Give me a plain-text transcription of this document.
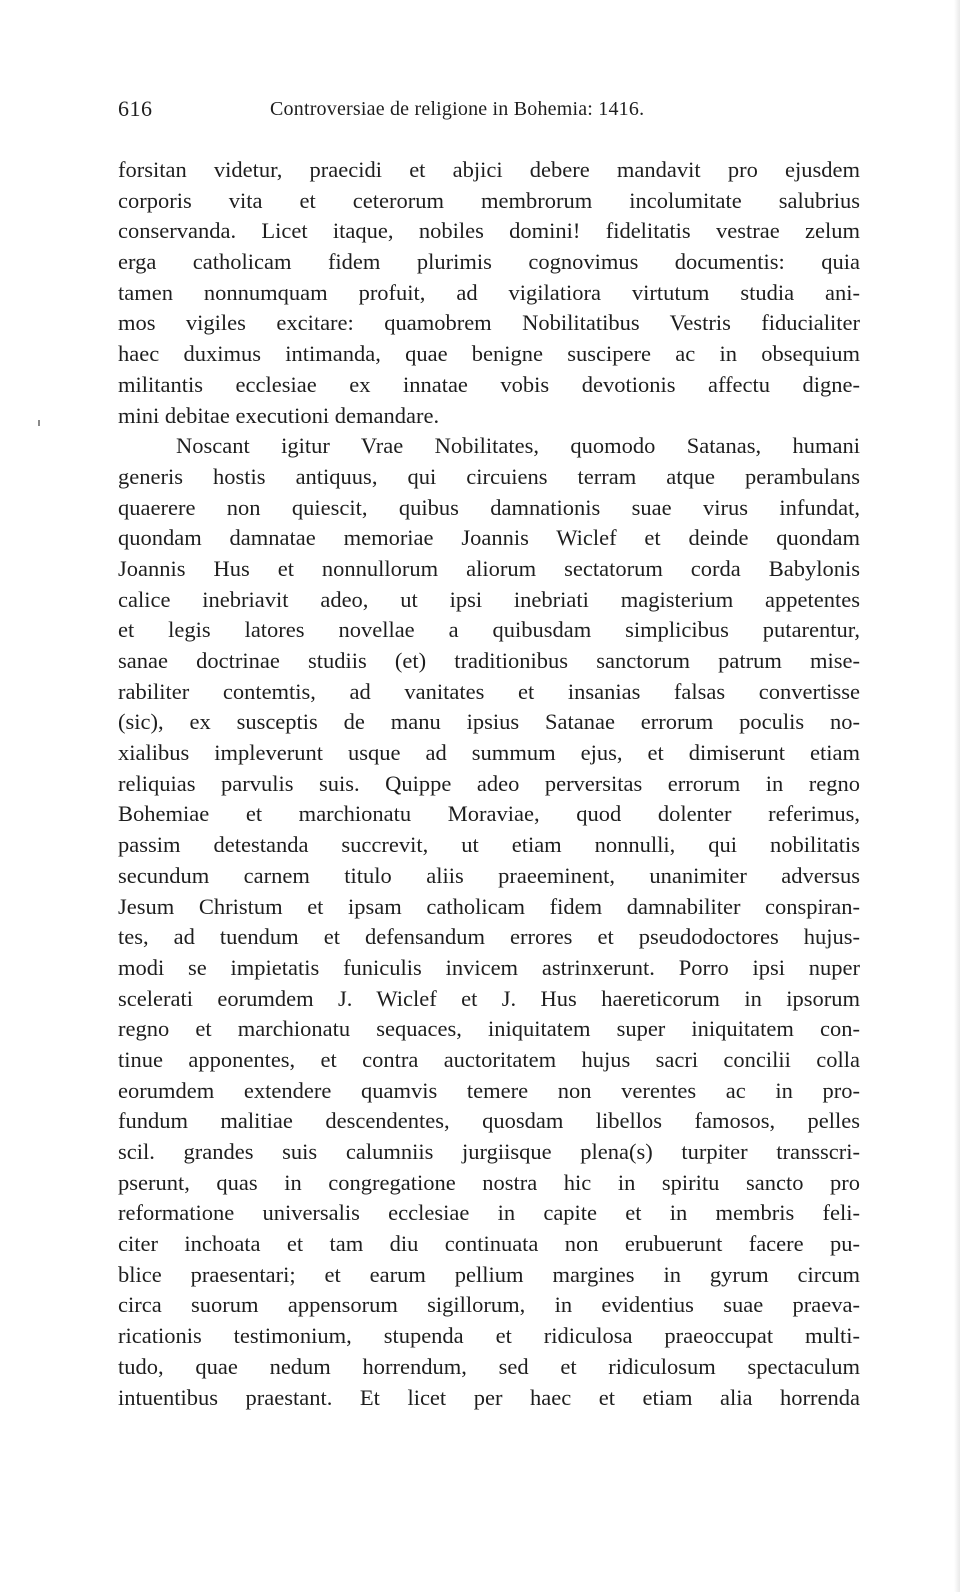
616	Controversiae de religione in Bohemia: 1416.
forsitan videtur, praecidi et abjici debere mandavit pro ejusdem
corporis vita et ceterorum membrorum incolumitate salubrius
conservanda. Licet itaque, nobiles domini! fidelitatis vestrae zelum
erga catholicam fidem plurimis cognovimus documentis: quia
tamen nonnumquam profuit, ad vigilatiora virtutum studia ani-
mos vigiles excitare: quamobrem Nobilitatibus Vestris fiducialiter
haec duximus intimanda, quae benigne suscipere ac in obsequium
militantis ecclesiae ex innatae vobis devotionis affectu digne-
mini debitae executioni demandare.
Noscant igitur Vrae Nobilitates, quomodo Satanas, humani
generis hostis antiquus, qui circuiens terram atque perambulans
quaerere non quiescit, quibus damnationis suae virus infundat,
quondam damnatae memoriae Joannis Wiclef et deinde quondam
Joannis Hus et nonnullorum aliorum sectatorum corda Babylonis
calice inebriavit adeo, ut ipsi inebriati magisterium appetentes
et legis latores novellae a quibusdam simplicibus putarentur,
sanae doctrinae studiis (et) traditionibus sanctorum patrum mise-
rabiliter contemtis, ad vanitates et insanias falsas convertisse
(sic), ex susceptis de manu ipsius Satanae errorum poculis no-
xialibus impleverunt usque ad summum ejus, et dimiserunt etiam
reliquias parvulis suis. Quippe adeo perversitas errorum in regno
Bohemiae et marchionatu Moraviae, quod dolenter referimus,
passim detestanda succrevit, ut etiam nonnulli, qui nobilitatis
secundum carnem titulo aliis praeeminent, unanimiter adversus
Jesum Christum et ipsam catholicam fidem damnabiliter conspiran-
tes, ad tuendum et defensandum errores et pseudodoctores hujus-
modi se impietatis funiculis invicem astrinxerunt. Porro ipsi nuper
scelerati eorumdem J. Wiclef et J. Hus haereticorum in ipsorum
regno et marchionatu sequaces, iniquitatem super iniquitatem con-
tinue apponentes, et contra auctoritatem hujus sacri concilii colla
eorumdem extendere quamvis temere non verentes ac in pro-
fundum malitiae descendentes, quosdam libellos famosos, pelles
scil. grandes suis calumniis jurgiisque plena(s) turpiter transscri-
pserunt, quas in congregatione nostra hic in spiritu sancto pro
reformatione universalis ecclesiae in capite et in membris feli-
citer inchoata et tam diu continuata non erubuerunt facere pu-
blice praesentari; et earum pellium margines in gyrum circum
circa suorum appensorum sigillorum, in evidentius suae praeva-
ricationis testimonium, stupenda et ridiculosa praeoccupat multi-
tudo, quae nedum horrendum, sed et ridiculosum spectaculum
intuentibus praestant. Et licet per haec et etiam alia horrenda
